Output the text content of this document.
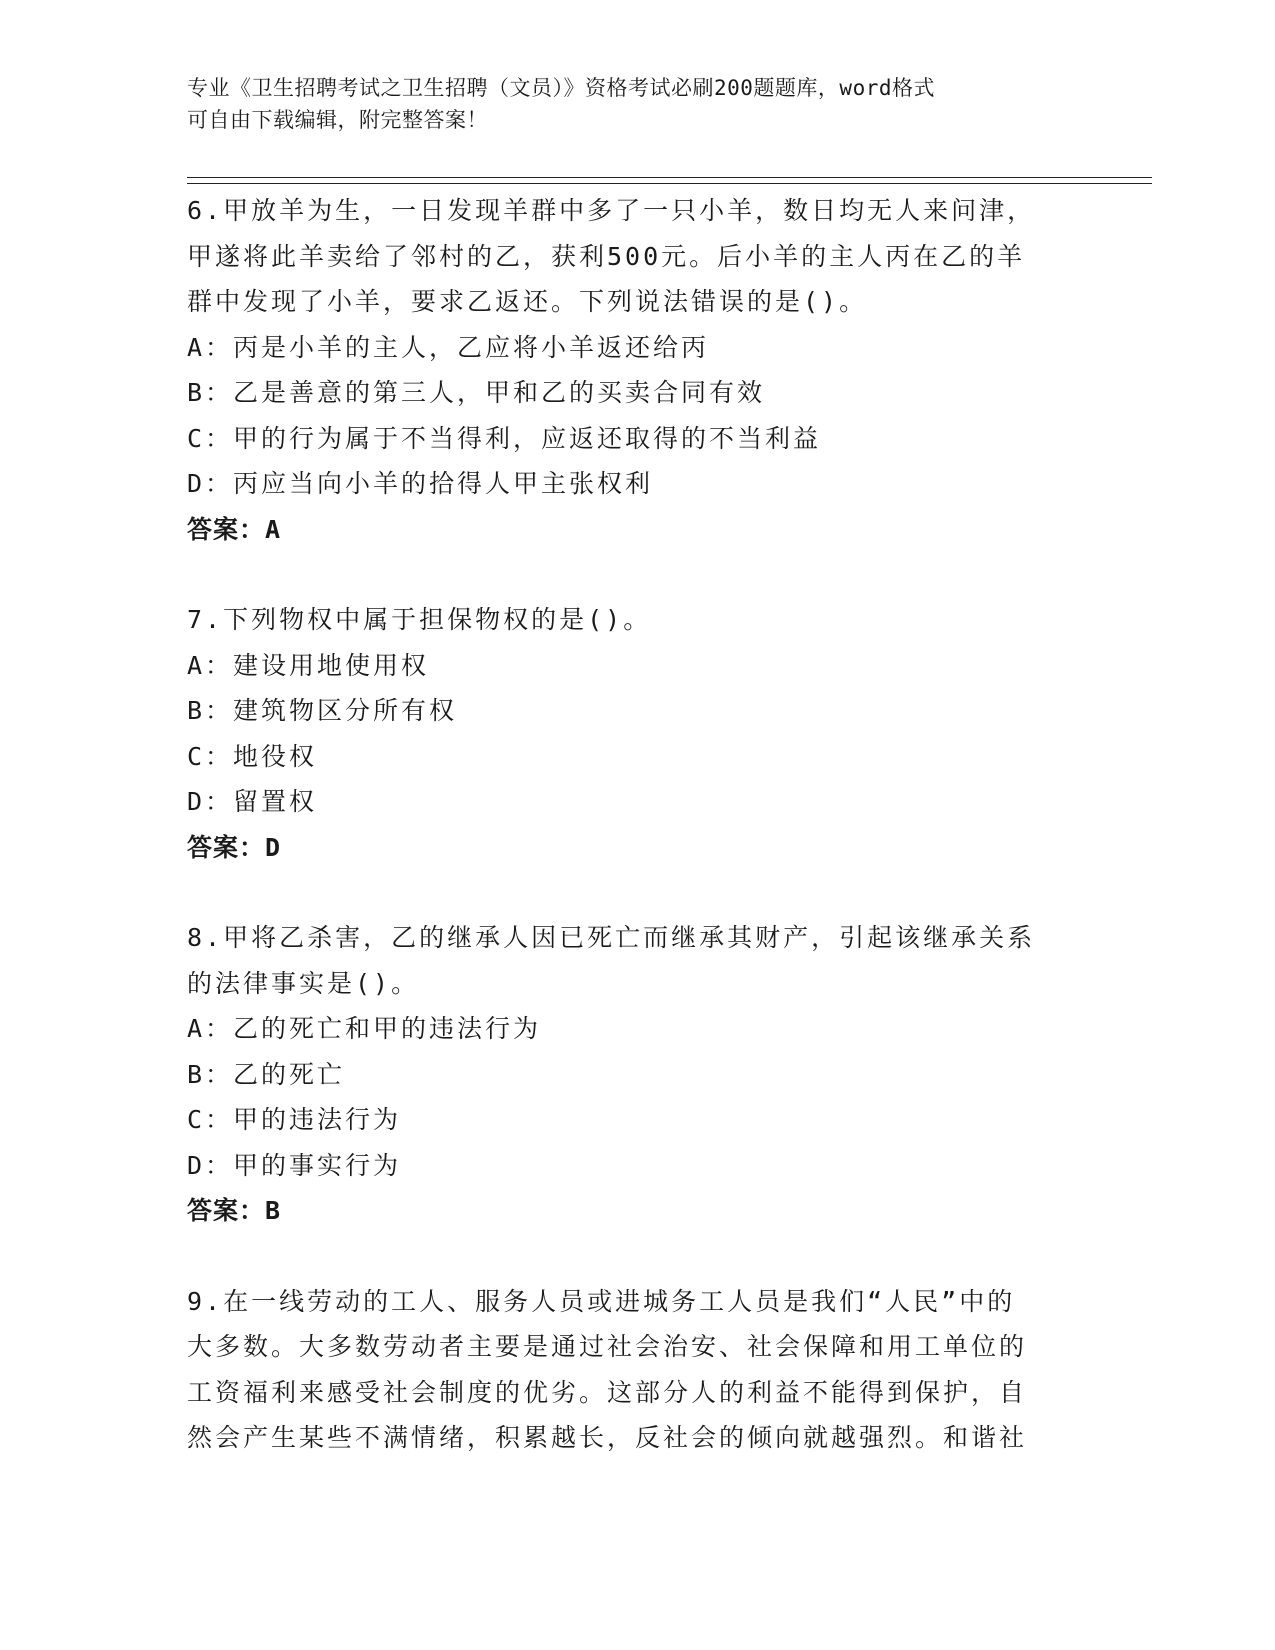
专业《卫生招聘考试之卫生招聘（文员）》资格考试必刷200题题库，word格式
可自由下载编辑，附完整答案！
6.甲放羊为生，一日发现羊群中多了一只小羊，数日均无人来问津，
甲遂将此羊卖给了邻村的乙，获利500元。后小羊的主人丙在乙的羊
群中发现了小羊，要求乙返还。下列说法错误的是()。
A：丙是小羊的主人，乙应将小羊返还给丙
B：乙是善意的第三人，甲和乙的买卖合同有效
C：甲的行为属于不当得利，应返还取得的不当利益
D：丙应当向小羊的拾得人甲主张权利
答案：A
7.下列物权中属于担保物权的是()。
A：建设用地使用权
B：建筑物区分所有权
C：地役权
D：留置权
答案：D
8.甲将乙杀害，乙的继承人因已死亡而继承其财产，引起该继承关系
的法律事实是()。
A：乙的死亡和甲的违法行为
B：乙的死亡
C：甲的违法行为
D：甲的事实行为
答案：B
9.在一线劳动的工人、服务人员或进城务工人员是我们“人民”中的
大多数。大多数劳动者主要是通过社会治安、社会保障和用工单位的
工资福利来感受社会制度的优劣。这部分人的利益不能得到保护，自
然会产生某些不满情绪，积累越长，反社会的倾向就越强烈。和谐社
